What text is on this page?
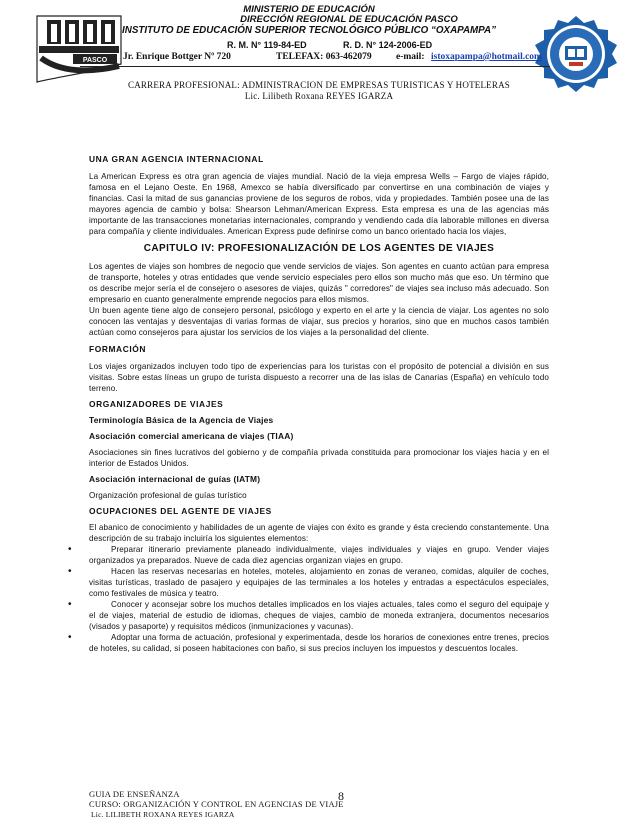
PASCO
MINISTERIO DE EDUCACIÓN
DIRECCIÓN REGIONAL DE EDUCACIÓN PASCO
INSTITUTO DE EDUCACIÓN SUPERIOR TECNOLÓGICO PÚBLICO “OXAPAMPA”
R. M. N° 119-84-ED	R. D. N° 124-2006-ED
Jr. Enrique Bottger Nº 720	TELEFAX: 063-462079	e-mail: istoxapampa@hotmail.com
CARRERA PROFESIONAL: ADMINISTRACION DE EMPRESAS TURISTICAS Y HOTELERAS
Lic. Lilibeth Roxana REYES IGARZA

UNA GRAN AGENCIA INTERNACIONAL

La American Express es otra gran agencia de viajes mundial. Nació de la vieja empresa Wells – Fargo de viajes rápido, famosa en el Lejano Oeste. En 1968, Amexco se había diversificado par convertirse en una combinación de viajes y financias. Casi la mitad de sus ganancias proviene de los seguros de robos, vida y propiedades. También posee una de las mayores agencia de cambio y bolsa: Shearson Lehman/American Express. Esta empresa es una de las agencias más importante de las transacciones monetarias internacionales, comprando y vendiendo cada día laborable millones en diversa para compañía y cliente individuales. American Express pude definirse como un banco orientado hacia los viajes,

CAPITULO IV: PROFESIONALIZACIÓN DE LOS AGENTES DE VIAJES

Los agentes de viajes son hombres de negocio que vende servicios de viajes. Son agentes en cuanto actúan para empresa de transporte, hoteles y otras entidades que vende servicio especiales pero ellos son mucho más que eso. Un término que os describe mejor sería el de consejero o asesores de viajes, quizás " corredores" de viajes sea incluso más adecuado. Son empresario en cuanto generalmente emprende negocios para ellos mismos.

Un buen agente tiene algo de consejero personal, psicólogo y experto en el arte y la ciencia de viajar. Los agentes no solo conocen las ventajas y desventajas di varias formas de viajar, sus precios y horarios, sino que en muchos casos también actúan como consejeros para ajustar los servicios de los viajes a la personalidad del cliente.

FORMACIÓN

Los viajes organizados incluyen todo tipo de experiencias para los turistas con el propósito de potencial a división en sus visitas. Sobre estas líneas un grupo de turista dispuesto a recorrer una de las islas de Canarias (España) en vehículo todo terreno.

ORGANIZADORES DE VIAJES

Terminología Básica de la Agencia de Viajes

Asociación comercial americana de viajes (TIAA)

Asociaciones sin fines lucrativos del gobierno y de compañía privada constituida para promocionar los viajes hacia y en el interior de Estados Unidos.

Asociación internacional de guías (IATM)

Organización profesional de guías turístico

OCUPACIONES DEL AGENTE DE VIAJES

El abanico de conocimiento y habilidades de un agente de viajes con éxito es grande y ésta creciendo constantemente. Una descripción de su trabajo incluiría los siguientes elementos:

•	Preparar itinerario previamente planeado individualmente, viajes individuales y viajes en grupo. Vender viajes organizados ya preparados. Nueve de cada diez agencias organizan viajes en grupo.
•	Hacen las reservas necesarias en hoteles, moteles, alojamiento en zonas de veraneo, comidas, alquiler de coches, visitas turísticas, traslado de pasajero y equipajes de las terminales a los hoteles y entradas a espectáculos especiales, como festivales de música y teatro.
•	Conocer y aconsejar sobre los muchos detalles implicados en los viajes actuales, tales como el seguro del equipaje y el de viajes, material de estudio de idiomas, cheques de viajes, cambio de moneda extranjera, documentos necesarios (visados y pasaporte) y requisitos médicos (inmunizaciones y vacunas).
•	Adoptar una forma de actuación, profesional y experimentada, desde los horarios de conexiones entre trenes, precios de hoteles, su calidad, si poseen habitaciones con baño, si sus precios incluyen los impuestos y descuentos locales.
GUIA DE ENSEÑANZA
CURSO: ORGANIZACIÓN Y CONTROL EN AGENCIAS DE VIAJE
Lic. LILIBETH ROXANA REYES IGARZA
8
